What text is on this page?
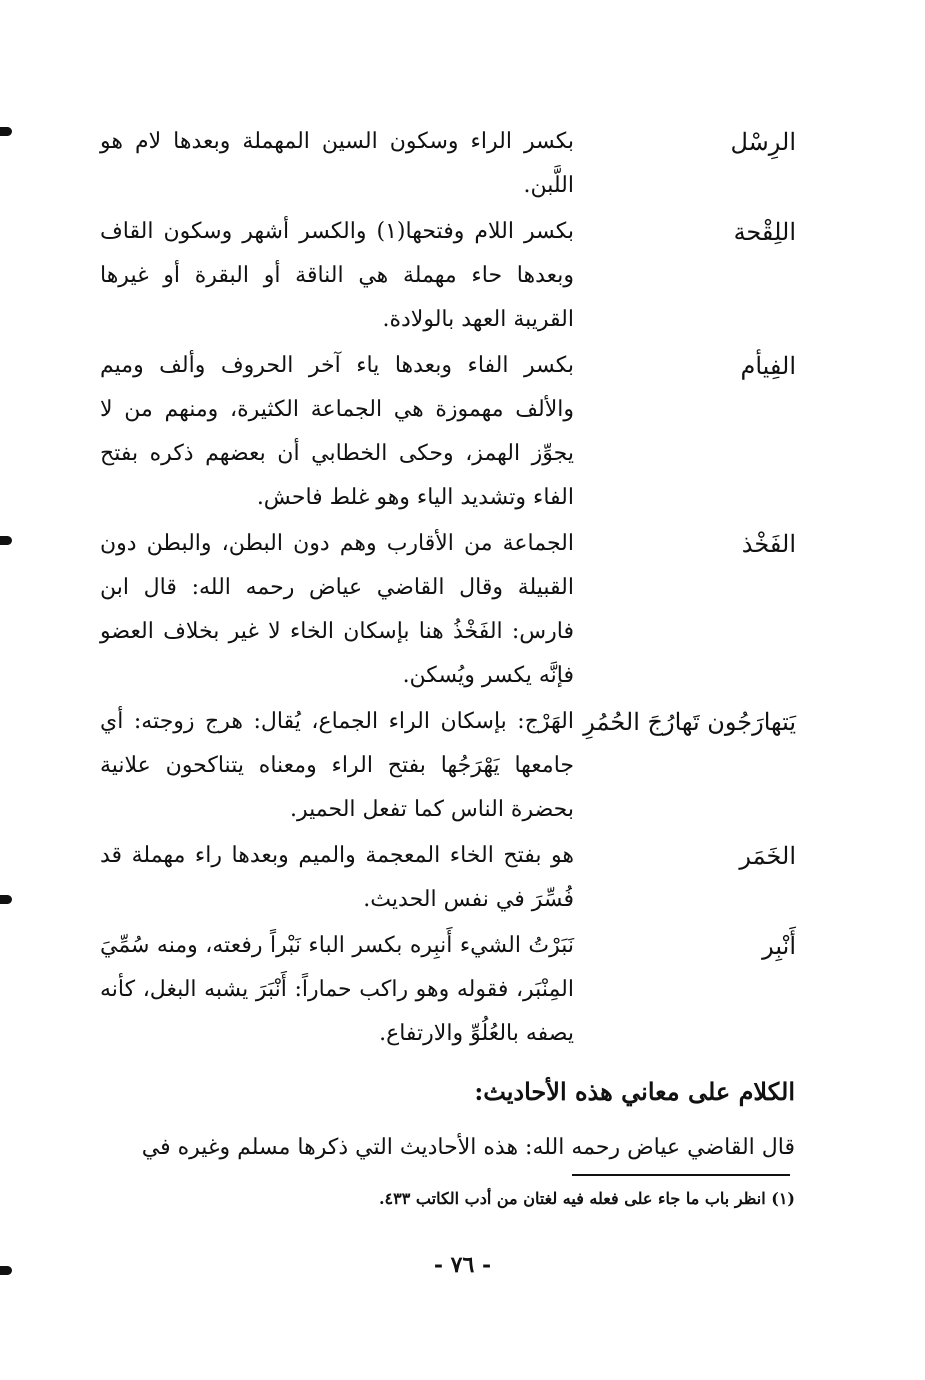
الرِسْل
بكسر الراء وسكون السين المهملة وبعدها لام هو اللَّبن.
اللِقْحة
بكسر اللام وفتحها(١) والكسر أشهر وسكون القاف وبعدها حاء مهملة هي الناقة أو البقرة أو غيرها القريبة العهد بالولادة.
الفِيأم
بكسر الفاء وبعدها ياء آخر الحروف وألف وميم والألف مهموزة هي الجماعة الكثيرة، ومنهم من لا يجوِّز الهمز، وحكى الخطابي أن بعضهم ذكره بفتح الفاء وتشديد الياء وهو غلط فاحش.
الفَخْذ
الجماعة من الأقارب وهم دون البطن، والبطن دون القبيلة وقال القاضي عياض رحمه الله: قال ابن فارس: الفَخْذُ هنا بإسكان الخاء لا غير بخلاف العضو فإنَّه يكسر ويُسكن.
يَتهارَجُون تَهارُجَ الحُمُرِ
الهَرْج: بإسكان الراء الجماع، يُقال: هرج زوجته: أي جامعها يَهْرَجُها بفتح الراء ومعناه يتناكحون علانية بحضرة الناس كما تفعل الحمير.
الخَمَر
هو بفتح الخاء المعجمة والميم وبعدها راء مهملة قد فُسِّرَ في نفس الحديث.
أَنْبِر
نَبَرْتُ الشيء أَنبِره بكسر الباء نَبْراً رفعته، ومنه سُمِّيَ المِنْبَر، فقوله وهو راكب حماراً: أَنْبَرَ يشبه البغل، كأنه يصفه بالعُلُوِّ والارتفاع.
الكلام على معاني هذه الأحاديث:
قال القاضي عياض رحمه الله: هذه الأحاديث التي ذكرها مسلم وغيره في
(١) انظر باب ما جاء على فعله فيه لغتان من أدب الكاتب ٤٣٣.
- ٧٦ -
